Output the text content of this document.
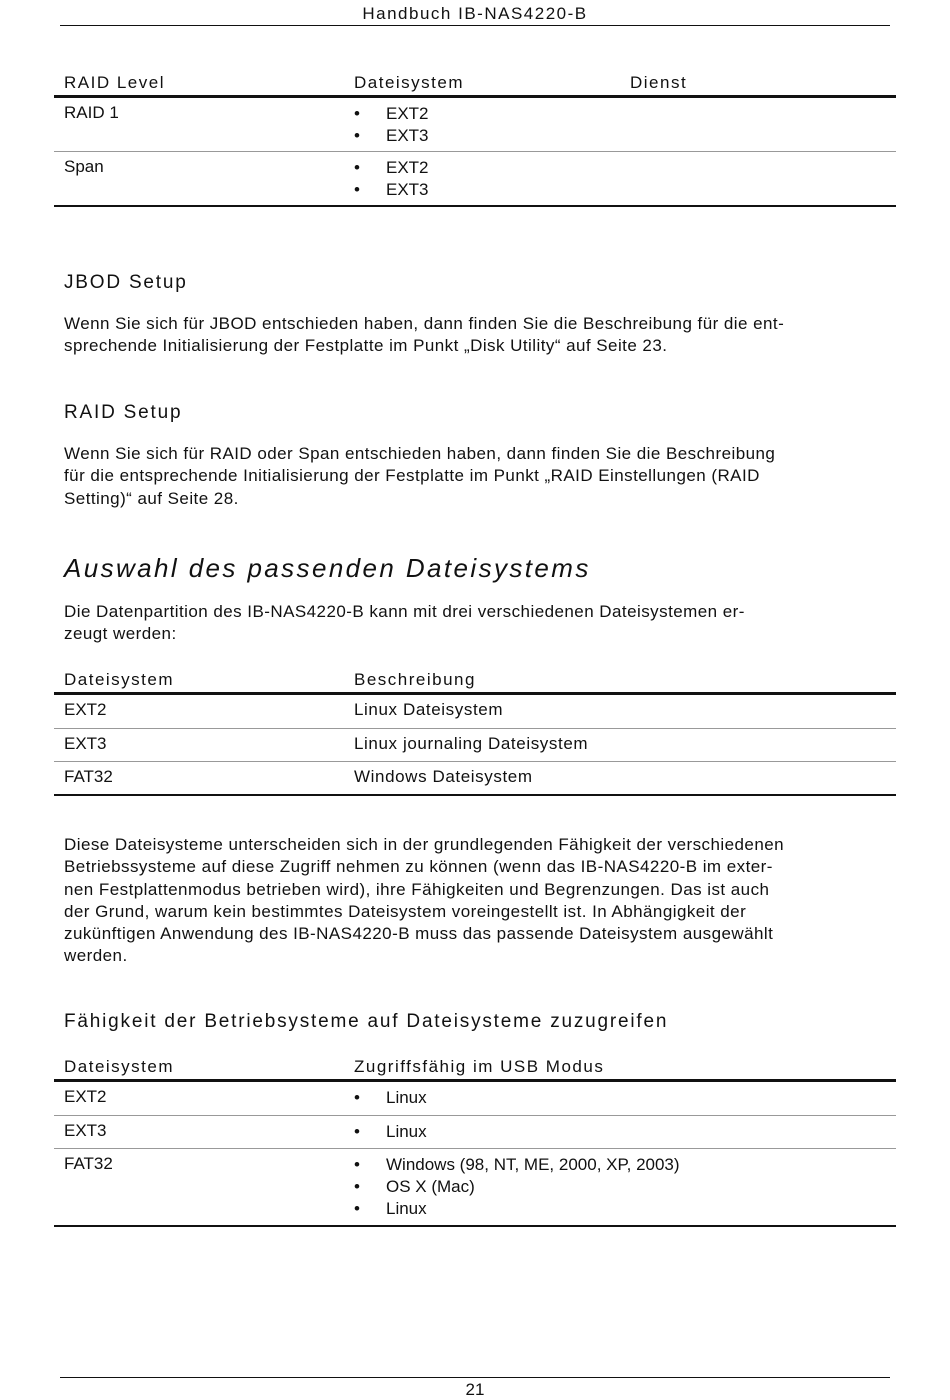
Handbuch IB-NAS4220-B
RAID Level	Dateisystem	Dienst
RAID 1	• EXT2
• EXT3
Span	• EXT2
• EXT3
JBOD Setup
Wenn Sie sich für JBOD entschieden haben, dann finden Sie die Beschreibung für die ent-
sprechende Initialisierung der Festplatte im Punkt „Disk Utility“ auf Seite 23.
RAID Setup
Wenn Sie sich für RAID oder Span entschieden haben, dann finden Sie die Beschreibung
für die entsprechende Initialisierung der Festplatte im Punkt „RAID Einstellungen (RAID
Setting)“ auf Seite 28.
Auswahl des passenden Dateisystems
Die Datenpartition des IB-NAS4220-B kann mit drei verschiedenen Dateisystemen er-
zeugt werden:
Dateisystem	Beschreibung
EXT2	Linux Dateisystem
EXT3	Linux journaling Dateisystem
FAT32	Windows Dateisystem
Diese Dateisysteme unterscheiden sich in der grundlegenden Fähigkeit der verschiedenen
Betriebssysteme auf diese Zugriff nehmen zu können (wenn das IB-NAS4220-B im exter-
nen Festplattenmodus betrieben wird), ihre Fähigkeiten und Begrenzungen. Das ist auch
der Grund, warum kein bestimmtes Dateisystem voreingestellt ist. In Abhängigkeit der
zukünftigen Anwendung des IB-NAS4220-B muss das passende Dateisystem ausgewählt
werden.
Fähigkeit der Betriebsysteme auf Dateisysteme zuzugreifen
Dateisystem	Zugriffsfähig im USB Modus
EXT2	• Linux
EXT3	• Linux
FAT32	• Windows (98, NT, ME, 2000, XP, 2003)
• OS X (Mac)
• Linux
21
